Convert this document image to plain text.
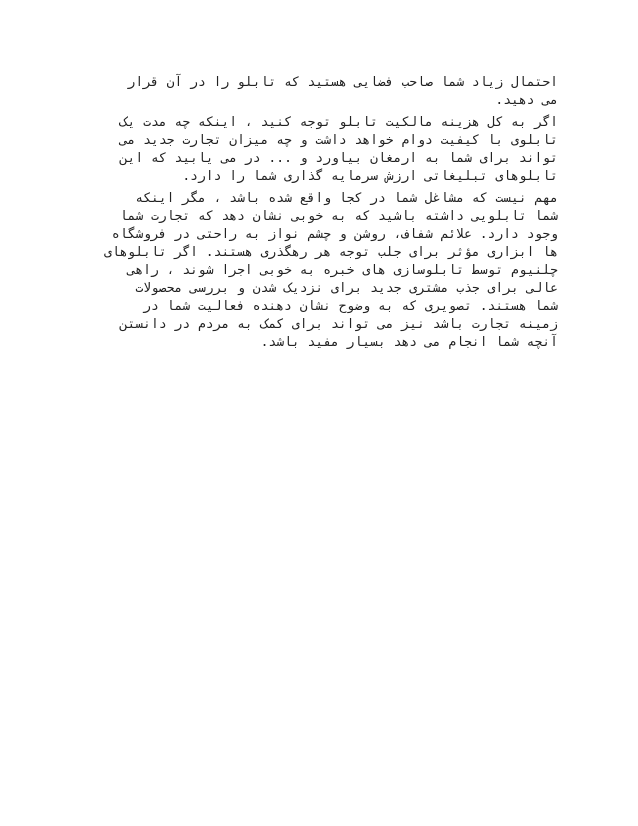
احتمال زیاد شما صاحب فضایی هستید که تابلو را در آن قرار
می دهید.
اگر به کل هزینه مالکیت تابلو توجه کنید ، اینکه چه مدت یک
تابلوی با کیفیت دوام خواهد داشت و چه میزان تجارت جدید می
تواند برای شما به ارمغان بیاورد و ... در می یابید که این
تابلوهای تبلیغاتی ارزش سرمایه گذاری شما را دارد.
مهم نیست که مشاغل شما در کجا واقع شده باشد ، مگر اینکه
شما تابلویی داشته باشید که به خوبی نشان دهد که تجارت شما
وجود دارد. علائم شفاف، روشن و چشم نواز به راحتی در فروشگاه
ها ابزاری مؤثر برای جلب توجه هر رهگذری هستند. اگر تابلوهای
چلنیوم توسط تابلوسازی های خبره به خوبی اجرا شوند ، راهی
عالی برای جذب مشتری جدید برای نزدیک شدن و بررسی محصولات
شما هستند. تصویری که به وضوح نشان دهنده فعالیت شما در
زمینه تجارت باشد نیز می تواند برای کمک به مردم در دانستن
آنچه شما انجام می دهد بسیار مفید باشد.
